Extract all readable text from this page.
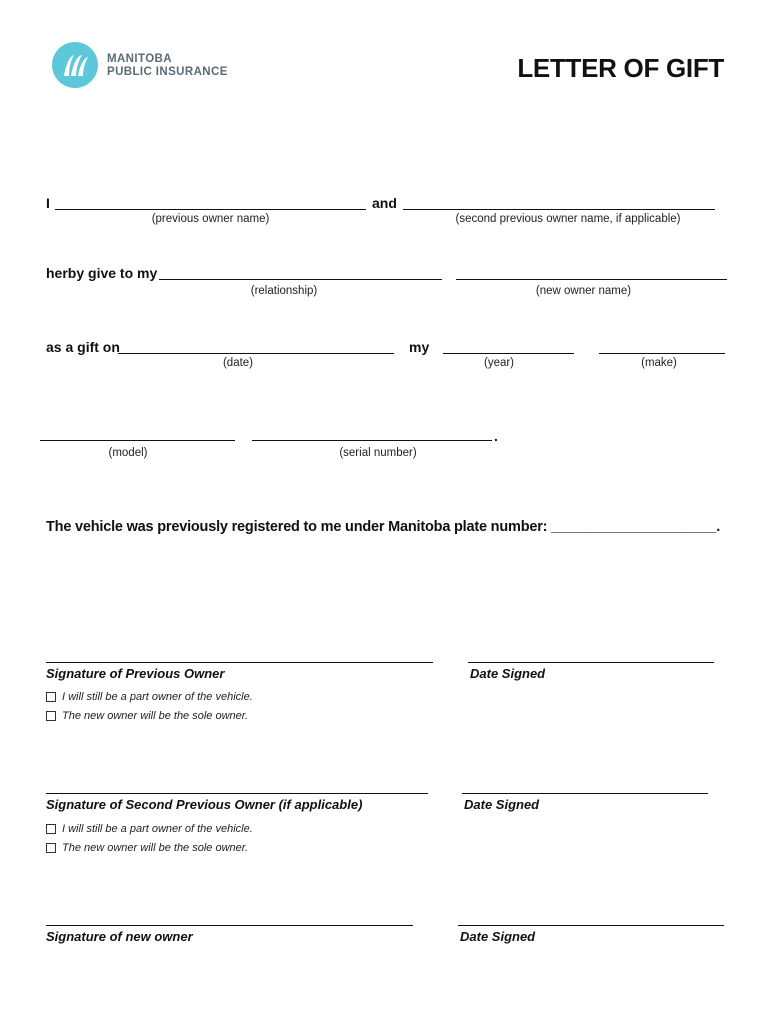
MANITOBA
PUBLIC INSURANCE	LETTER OF GIFT
I	and
(previous owner name)	(second previous owner name, if applicable)
herby give to my
(relationship)	(new owner name)
as a gift on	my
(date)	(year)	(make)
.
(model)	(serial number)
The vehicle was previously registered to me under Manitoba plate number: _____________________.
Signature of Previous Owner	Date Signed
I will still be a part owner of the vehicle.
The new owner will be the sole owner.
Signature of Second Previous Owner (if applicable)	Date Signed
I will still be a part owner of the vehicle.
The new owner will be the sole owner.
Signature of new owner	Date Signed
